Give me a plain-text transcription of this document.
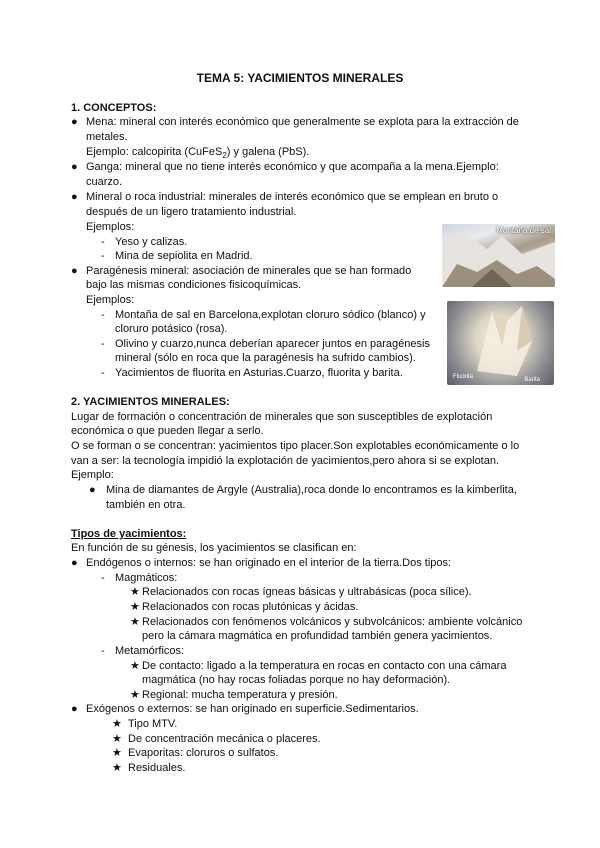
TEMA 5: YACIMIENTOS MINERALES
1. CONCEPTOS:
● Mena: mineral con interés económico que generalmente se explota para la extracción de
metales.
Ejemplo: calcopirita (CuFeS$_2$) y galena (PbS).
● Ganga: mineral que no tiene interés económico y que acompaña a la mena.Ejemplo:
cuarzo.
● Mineral o roca industrial: minerales de interés económico que se emplean en bruto o
después de un ligero tratamiento industrial.
Ejemplos:
- Yeso y calizas.
- Mina de sepiolita en Madrid.
● Paragénesis mineral: asociación de minerales que se han formado
bajo las mismas condiciones fisicoquímicas.
Ejemplos:
- Montaña de sal en Barcelona,explotan cloruro sódico (blanco) y
cloruro potásico (rosa).
- Olivino y cuarzo,nunca deberían aparecer juntos en paragénesis
mineral (sólo en roca que la paragénesis ha sufrido cambios).
- Yacimientos de fluorita en Asturias.Cuarzo, fluorita y barita.
Montaña de sal
Fluorita	Barita
2. YACIMIENTOS MINERALES:
Lugar de formación o concentración de minerales que son susceptibles de explotación
económica o que pueden llegar a serlo.
O se forman o se concentran: yacimientos tipo placer.Son explotables económicamente o lo
van a ser: la tecnología impidió la explotación de yacimientos,pero ahora si se explotan.
Ejemplo:
● Mina de diamantes de Argyle (Australia),roca donde lo encontramos es la kimberlita,
también en otra.
Tipos de yacimientos:
En función de su génesis, los yacimientos se clasifican en:
● Endógenos o internos: se han originado en el interior de la tierra.Dos tipos:
- Magmáticos:
★ Relacionados con rocas ígneas básicas y ultrabásicas (poca sílice).
★ Relacionados con rocas plutónicas y ácidas.
★ Relacionados con fenómenos volcánicos y subvolcánicos: ambiente volcánico
pero la cámara magmática en profundidad también genera yacimientos.
- Metamórficos:
★ De contacto: ligado a la temperatura en rocas en contacto con una cámara
magmática (no hay rocas foliadas porque no hay deformación).
★ Regional: mucha temperatura y presión.
● Exógenos o externos: se han originado en superficie.Sedimentarios.
★ Tipo MTV.
★ De concentración mecánica o placeres.
★ Evaporitas: cloruros o sulfatos.
★ Residuales.
